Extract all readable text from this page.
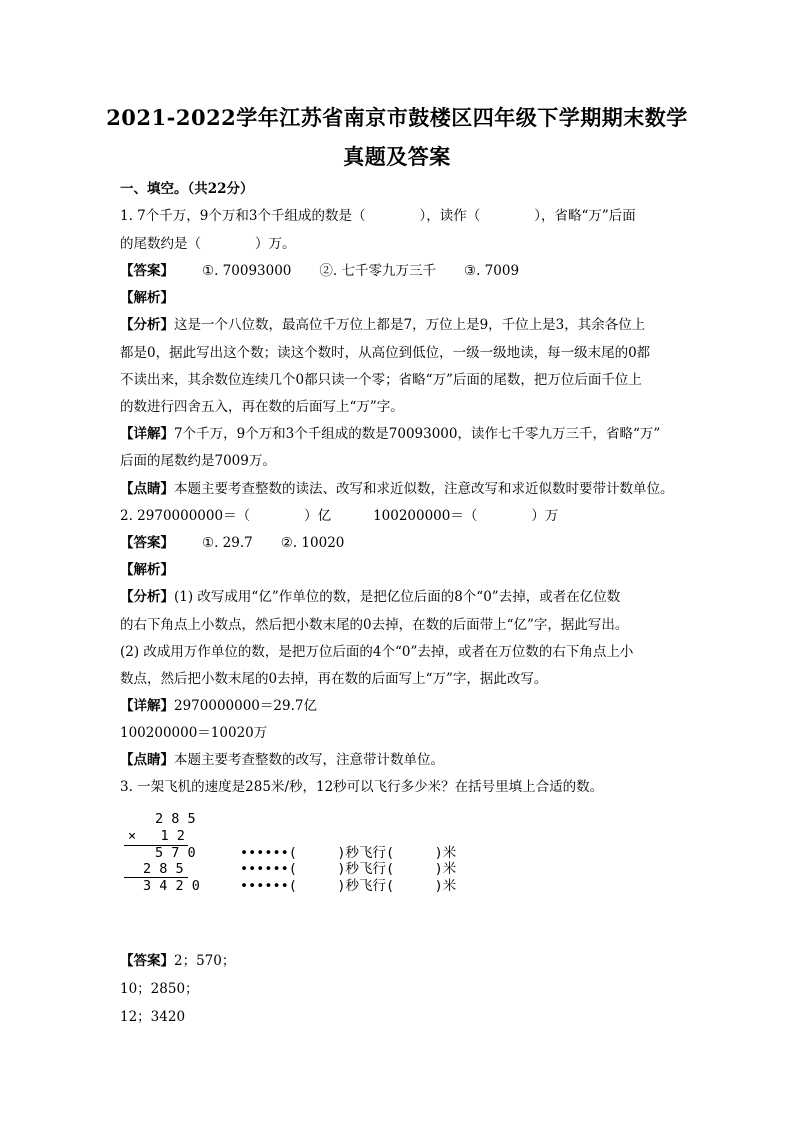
2021-2022学年江苏省南京市鼓楼区四年级下学期期末数学
真题及答案
一、填空。（共22分）
1. 7个千万，9个万和3个千组成的数是（　　　　），读作（　　　　），省略“万”后面
的尾数约是（　　　　）万。
【答案】 ①. 70093000 ②. 七千零九万三千 ③. 7009
【解析】
【分析】这是一个八位数，最高位千万位上都是7，万位上是9，千位上是3，其余各位上
都是0，据此写出这个数；读这个数时，从高位到低位，一级一级地读，每一级末尾的0都
不读出来，其余数位连续几个0都只读一个零；省略“万”后面的尾数，把万位后面千位上
的数进行四舍五入，再在数的后面写上“万”字。
【详解】7个千万，9个万和3个千组成的数是70093000，读作七千零九万三千，省略“万”
后面的尾数约是7009万。
【点睛】本题主要考查整数的读法、改写和求近似数，注意改写和求近似数时要带计数单位。
2. 2970000000＝（　　　　）亿	100200000＝（　　　　）万
【答案】 ①. 29.7 ②. 10020
【解析】
【分析】(1) 改写成用“亿”作单位的数，是把亿位后面的8个“0”去掉，或者在亿位数
的右下角点上小数点，然后把小数末尾的0去掉，在数的后面带上“亿”字，据此写出。
(2) 改成用万作单位的数，是把万位后面的4个“0”去掉，或者在万位数的右下角点上小
数点，然后把小数末尾的0去掉，再在数的后面写上“万”字，据此改写。
【详解】2970000000＝29.7亿
100200000＝10020万
【点睛】本题主要考查整数的改写，注意带计数单位。
3. 一架飞机的速度是285米/秒，12秒可以飞行多少米？在括号里填上合适的数。
2 8 5
×   1 2
5 7 0	••••••(　　　)秒飞行(　　　)米
2 8 5	••••••(　　　)秒飞行(　　　)米
3 4 2 0	••••••(　　　)秒飞行(　　　)米
【答案】2；570；
10；2850；
12；3420
